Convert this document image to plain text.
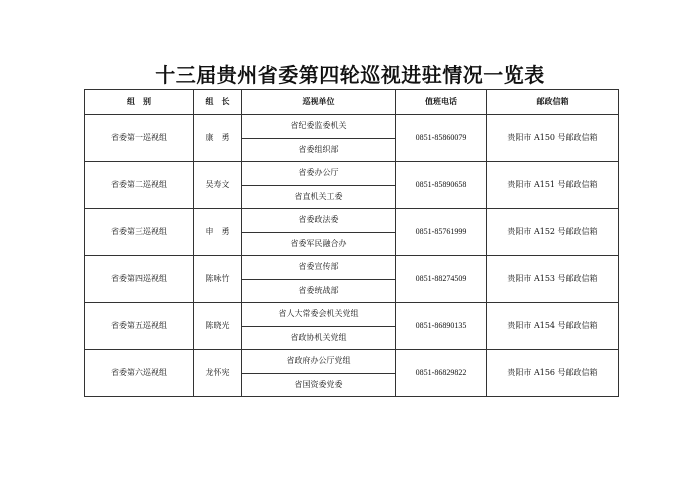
十三届贵州省委第四轮巡视进驻情况一览表
组　别	组　长	巡视单位	值班电话	邮政信箱
省委第一巡视组	康　勇	省纪委监委机关	0851-85860079	贵阳市 A150 号邮政信箱
		省委组织部		
省委第二巡视组	吴寿文	省委办公厅	0851-85890658	贵阳市 A151 号邮政信箱
		省直机关工委		
省委第三巡视组	申　勇	省委政法委	0851-85761999	贵阳市 A152 号邮政信箱
		省委军民融合办		
省委第四巡视组	陈咏竹	省委宣传部	0851-88274509	贵阳市 A153 号邮政信箱
		省委统战部		
省委第五巡视组	陈晓光	省人大常委会机关党组	0851-86890135	贵阳市 A154 号邮政信箱
		省政协机关党组		
省委第六巡视组	龙怀宪	省政府办公厅党组	0851-86829822	贵阳市 A156 号邮政信箱
		省国资委党委		
